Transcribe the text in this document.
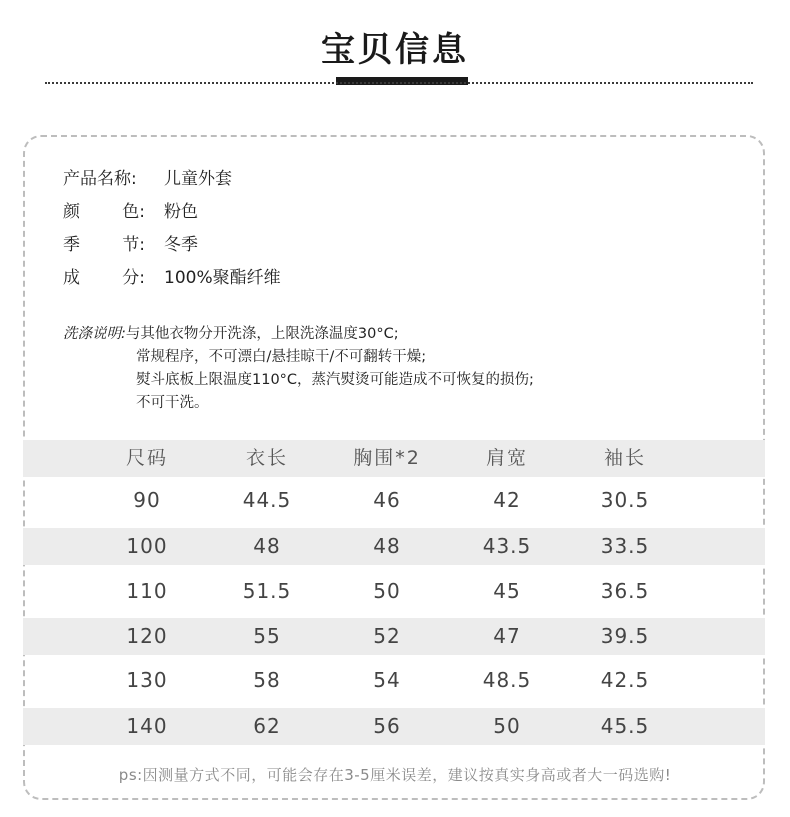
宝贝信息
产品名称: 儿童外套
颜 色: 粉色
季 节: 冬季
成 分: 100%聚酯纤维
洗涤说明:与其他衣物分开洗涤，上限洗涤温度30°C;
常规程序，不可漂白/悬挂晾干/不可翻转干燥;
熨斗底板上限温度110°C，蒸汽熨烫可能造成不可恢复的损伤;
不可干洗。
尺码	衣长	胸围*2	肩宽	袖长
90	44.5	46	42	30.5
100	48	48	43.5	33.5
110	51.5	50	45	36.5
120	55	52	47	39.5
130	58	54	48.5	42.5
140	62	56	50	45.5
ps:因测量方式不同，可能会存在3-5厘米误差，建议按真实身高或者大一码选购!
